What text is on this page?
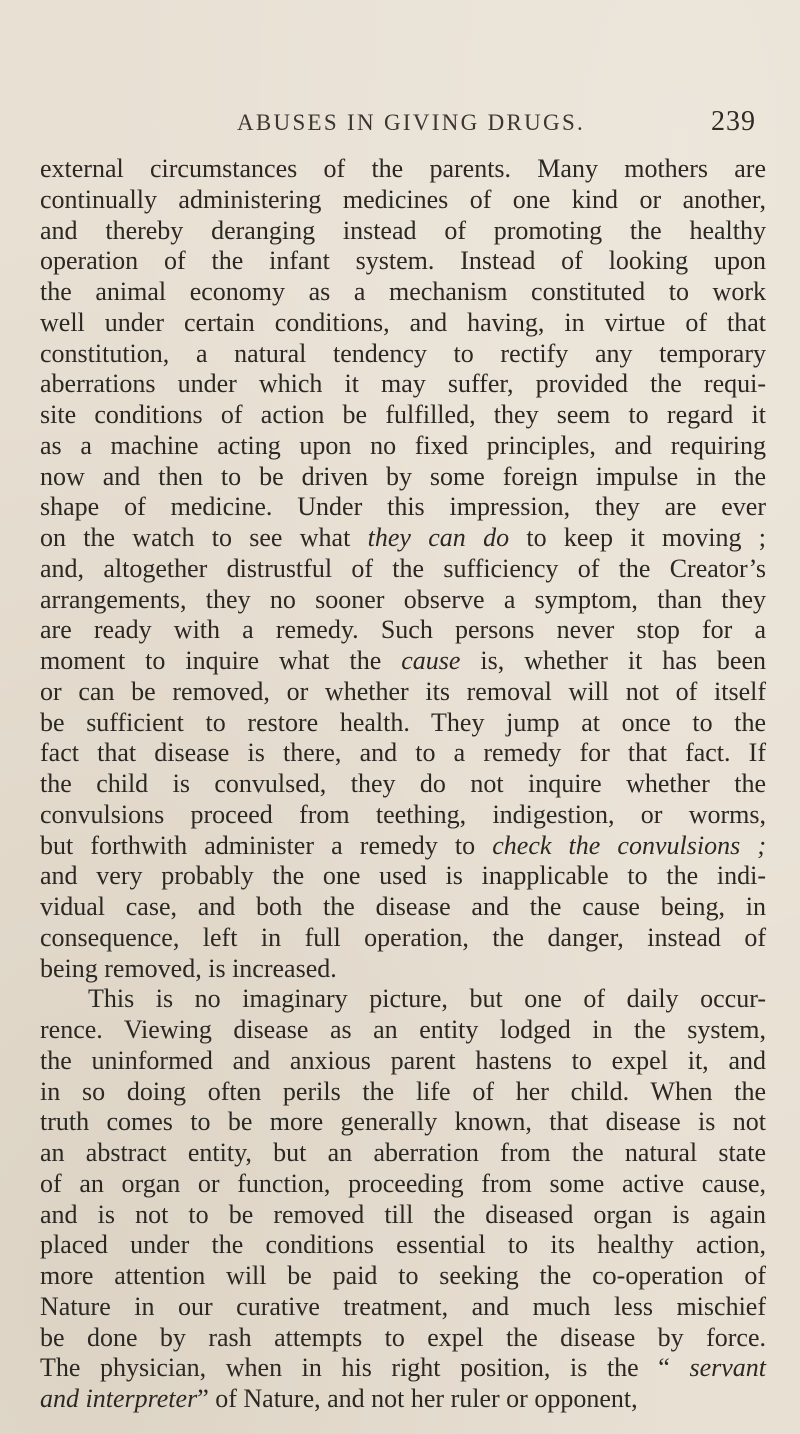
ABUSES IN GIVING DRUGS.	239
external circumstances of the parents. Many mothers are
continually administering medicines of one kind or another,
and thereby deranging instead of promoting the healthy
operation of the infant system. Instead of looking upon
the animal economy as a mechanism constituted to work
well under certain conditions, and having, in virtue of that
constitution, a natural tendency to rectify any temporary
aberrations under which it may suffer, provided the requi-
site conditions of action be fulfilled, they seem to regard it
as a machine acting upon no fixed principles, and requiring
now and then to be driven by some foreign impulse in the
shape of medicine. Under this impression, they are ever
on the watch to see what they can do to keep it moving ;
and, altogether distrustful of the sufficiency of the Creator’s
arrangements, they no sooner observe a symptom, than they
are ready with a remedy. Such persons never stop for a
moment to inquire what the cause is, whether it has been
or can be removed, or whether its removal will not of itself
be sufficient to restore health. They jump at once to the
fact that disease is there, and to a remedy for that fact. If
the child is convulsed, they do not inquire whether the
convulsions proceed from teething, indigestion, or worms,
but forthwith administer a remedy to check the convulsions ;
and very probably the one used is inapplicable to the indi-
vidual case, and both the disease and the cause being, in
consequence, left in full operation, the danger, instead of
being removed, is increased.
This is no imaginary picture, but one of daily occur-
rence. Viewing disease as an entity lodged in the system,
the uninformed and anxious parent hastens to expel it, and
in so doing often perils the life of her child. When the
truth comes to be more generally known, that disease is not
an abstract entity, but an aberration from the natural state
of an organ or function, proceeding from some active cause,
and is not to be removed till the diseased organ is again
placed under the conditions essential to its healthy action,
more attention will be paid to seeking the co-operation of
Nature in our curative treatment, and much less mischief
be done by rash attempts to expel the disease by force.
The physician, when in his right position, is the “ servant
and interpreter” of Nature, and not her ruler or opponent,
